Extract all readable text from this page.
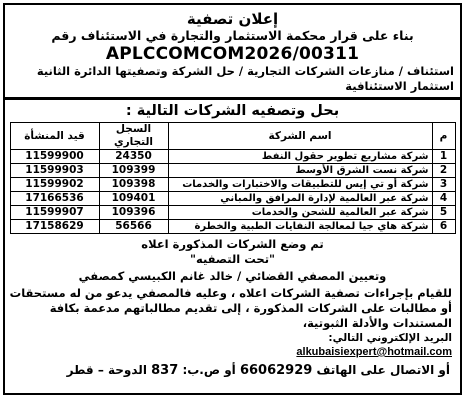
إعلان تصفية
بناء على قرار محكمة الاستثمار والتجارة في الاستئناف رقم
APLCCOMCOM2026/00311
استئناف / منازعات الشركات التجارية / حل الشركة وتصفيتها الدائرة الثانية استثمار الاستئنافية
بحل وتصفيه الشركات التالية :
م	اسم الشركة	السجل التجاري	قيد المنشأة
1	شركة مشاريع تطوير حقول النفط	24350	11599900
2	شركة نست الشرق الأوسط	109399	11599903
3	شركة أو تي إيس للتطبيقات والاختبارات والخدمات	109398	11599902
4	شركة عبر العالمية لإدارة المرافق والمباني	109401	17166536
5	شركة عبر العالمية للشحن والخدمات	109396	11599907
6	شركة هاي جيا لمعالجة النفايات الطبية والخطرة	56566	17158629
تم وضع الشركات المذكورة اعلاه
"تحت التصفيه"
وتعيين المصفي القضائي / خالد غانم الكبيسي كمصفي
للقيام بإجراءات تصفية الشركات اعلاه ، وعليه فالمصفي يدعو من له مستحقات أو مطالبات على الشركات المذكورة ، إلى تقديم مطالباتهم مدعمة بكافة المستندات والأدلة الثبوتية،
البريد الإلكتروني التالي:
alkubaisiexpert@hotmail.com
أو الاتصال على الهاتف 66062929 أو ص.ب: 837 الدوحة – قطر
